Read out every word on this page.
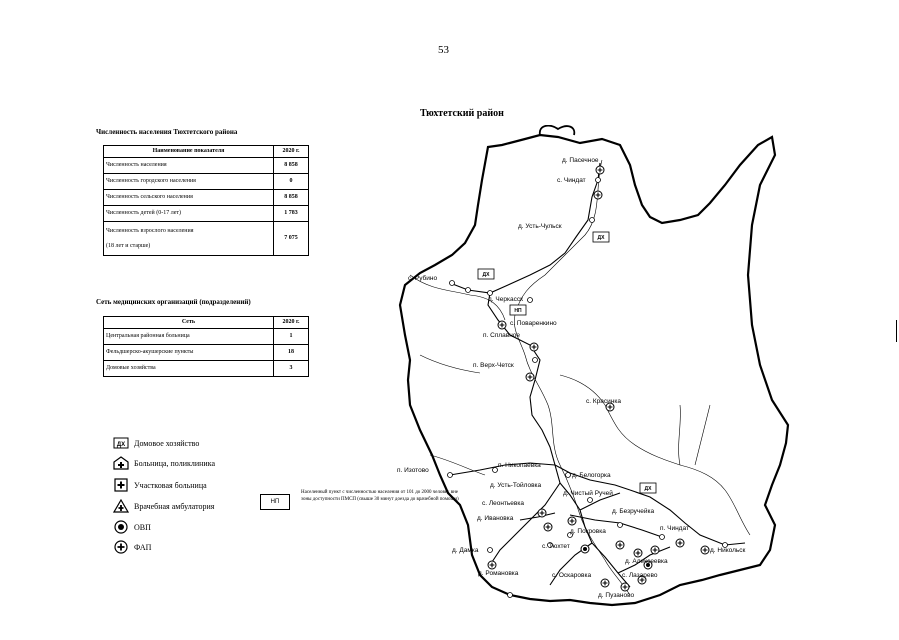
53
Тюхтетский район
Численность населения Тюхтетского района
Наименование показателя	2020 г.
Численность населения	8 858
Численность городского населения	0
Численность сельского населения	8 858
Численность детей (0-17 лет)	1 783

Численность взрослого населения
(18 лет и старше)	7 075
Сеть медицинских организаций (подразделений)
Сеть	2020 г.
Центральная районная больница	1
Фельдшерско-акушерские пункты	18
Домовые хозяйства	3
ДХ Домовое хозяйство
Больница, поликлиника
Участковая больница
Врачебная амбулатория
ОВП
ФАП
НП
Населенный пункт с численностью населения от 101 до 2000 человек вне зоны доступности ПМСП (свыше 30 минут доезда до врачебной помощи)
ДХ
ДХ
НП
ДХ
д. Пасечное
с. Чиндат
д. Усть-Чульск
с. Рубино
д. Черкасск
с. Поваренкино
п. Сплавное
п. Верх-Четск
с. Красинка
п. Изотово
п. Никопаевка
д. Белогорка
д. Усть-Тойловка
д. Чистый Ручей
с. Леонтьевка
д. Безручейка
д. Ивановка
д. Покровка	п. Чиндат
с. Тюхтет
д. Дамка
д. Алексеевка
д. Никольск
с. Лазарево
д. Романовка	с. Оскаровка
д. Пузаново
